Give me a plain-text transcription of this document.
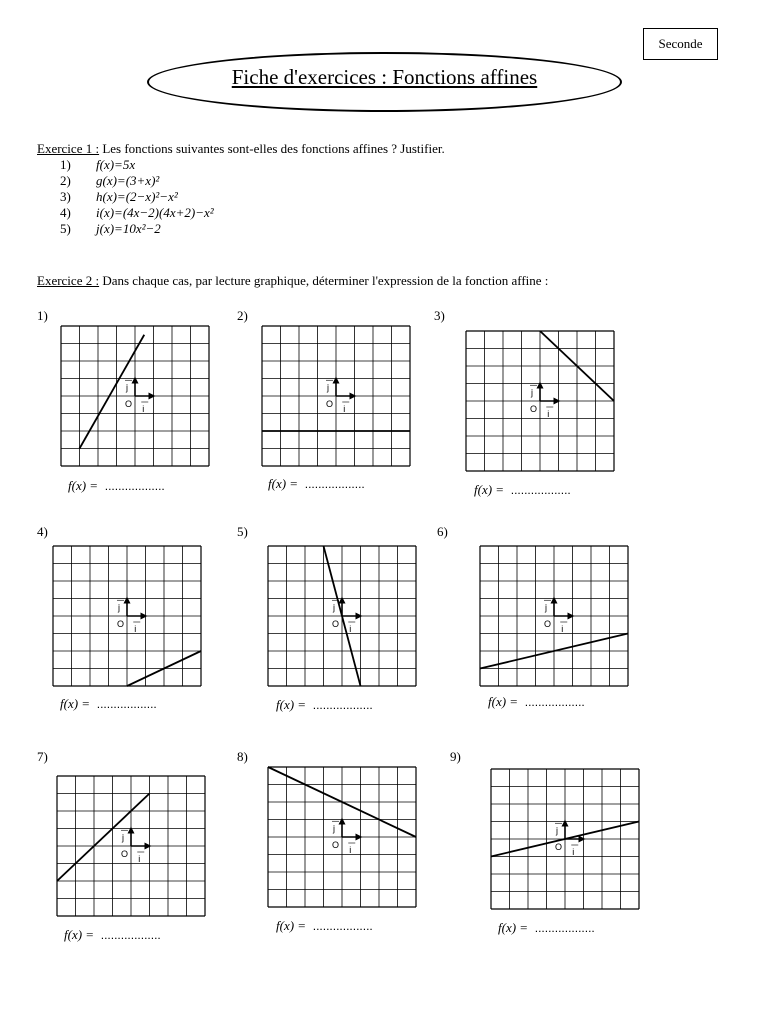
Seconde
Fiche d'exercices : Fonctions affines
Exercice 1 : Les fonctions suivantes sont-elles des fonctions affines ? Justifier.
1) f(x)=5x
2) g(x)=(3+x)²
3) h(x)=(2−x)²−x²
4) i(x)=(4x−2)(4x+2)−x²
5) j(x)=10x²−2
Exercice 2 : Dans chaque cas, par lecture graphique, déterminer l'expression de la fonction affine :
1)
O i
j
f(x) = ..................
2)
O i
j
f(x) = ..................
3)
O i
j
f(x) = ..................
4)
O i
j
f(x) = ..................
5)
O i
j
f(x) = ..................
6)
O i
j
f(x) = ..................
7)
O i
j
f(x) = ..................
8)
O i
j
f(x) = ..................
9)
O i
j
f(x) = ..................
